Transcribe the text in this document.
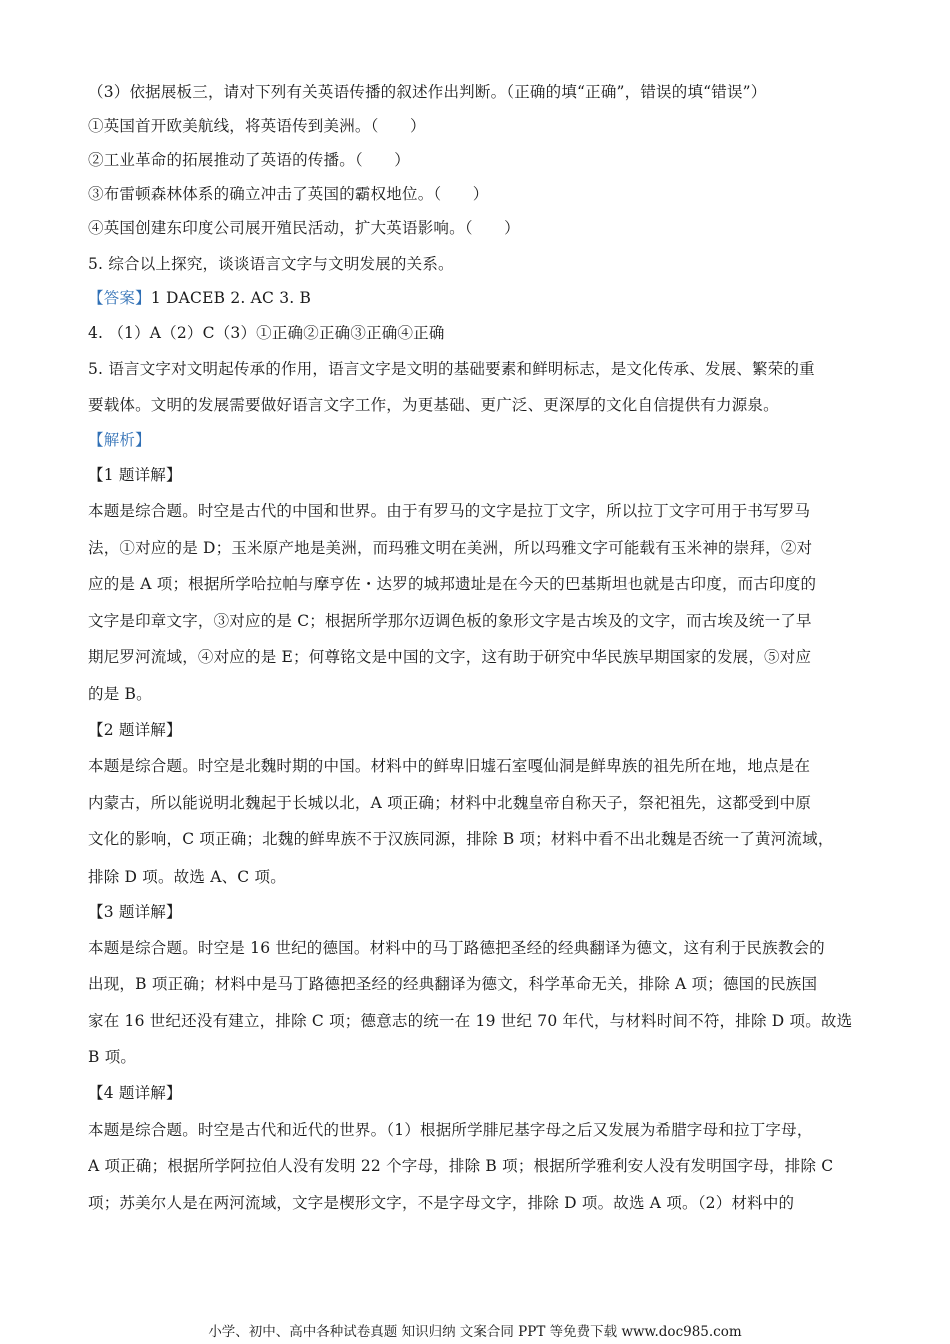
（3）依据展板三，请对下列有关英语传播的叙述作出判断。（正确的填“正确”，错误的填“错误”）
①英国首开欧美航线，将英语传到美洲。（　　）
②工业革命的拓展推动了英语的传播。（　　）
③布雷顿森林体系的确立冲击了英国的霸权地位。（　　）
④英国创建东印度公司展开殖民活动，扩大英语影响。（　　）
5. 综合以上探究，谈谈语言文字与文明发展的关系。
【答案】1 DACEB 2. AC 3. B
4. （1）A（2）C（3）①正确②正确③正确④正确
5. 语言文字对文明起传承的作用，语言文字是文明的基础要素和鲜明标志，是文化传承、发展、繁荣的重
要载体。文明的发展需要做好语言文字工作，为更基础、更广泛、更深厚的文化自信提供有力源泉。
【解析】
【1 题详解】
本题是综合题。时空是古代的中国和世界。由于有罗马的文字是拉丁文字，所以拉丁文字可用于书写罗马
法，①对应的是 D；玉米原产地是美洲，而玛雅文明在美洲，所以玛雅文字可能载有玉米神的崇拜，②对
应的是 A 项；根据所学哈拉帕与摩亨佐・达罗的城邦遗址是在今天的巴基斯坦也就是古印度，而古印度的
文字是印章文字，③对应的是 C；根据所学那尔迈调色板的象形文字是古埃及的文字，而古埃及统一了早
期尼罗河流域，④对应的是 E；何尊铭文是中国的文字，这有助于研究中华民族早期国家的发展，⑤对应
的是 B。
【2 题详解】
本题是综合题。时空是北魏时期的中国。材料中的鲜卑旧墟石室嘎仙洞是鲜卑族的祖先所在地，地点是在
内蒙古，所以能说明北魏起于长城以北，A 项正确；材料中北魏皇帝自称天子，祭祀祖先，这都受到中原
文化的影响，C 项正确；北魏的鲜卑族不于汉族同源，排除 B 项；材料中看不出北魏是否统一了黄河流域，
排除 D 项。故选 A、C 项。
【3 题详解】
本题是综合题。时空是 16 世纪的德国。材料中的马丁路德把圣经的经典翻译为德文，这有利于民族教会的
出现，B 项正确；材料中是马丁路德把圣经的经典翻译为德文，科学革命无关，排除 A 项；德国的民族国
家在 16 世纪还没有建立，排除 C 项；德意志的统一在 19 世纪 70 年代，与材料时间不符，排除 D 项。故选
B 项。
【4 题详解】
本题是综合题。时空是古代和近代的世界。（1）根据所学腓尼基字母之后又发展为希腊字母和拉丁字母，
A 项正确；根据所学阿拉伯人没有发明 22 个字母，排除 B 项；根据所学雅利安人没有发明国字母，排除 C
项；苏美尔人是在两河流域，文字是楔形文字，不是字母文字，排除 D 项。故选 A 项。（2）材料中的
小学、初中、高中各种试卷真题 知识归纳 文案合同 PPT 等免费下载 www.doc985.com
